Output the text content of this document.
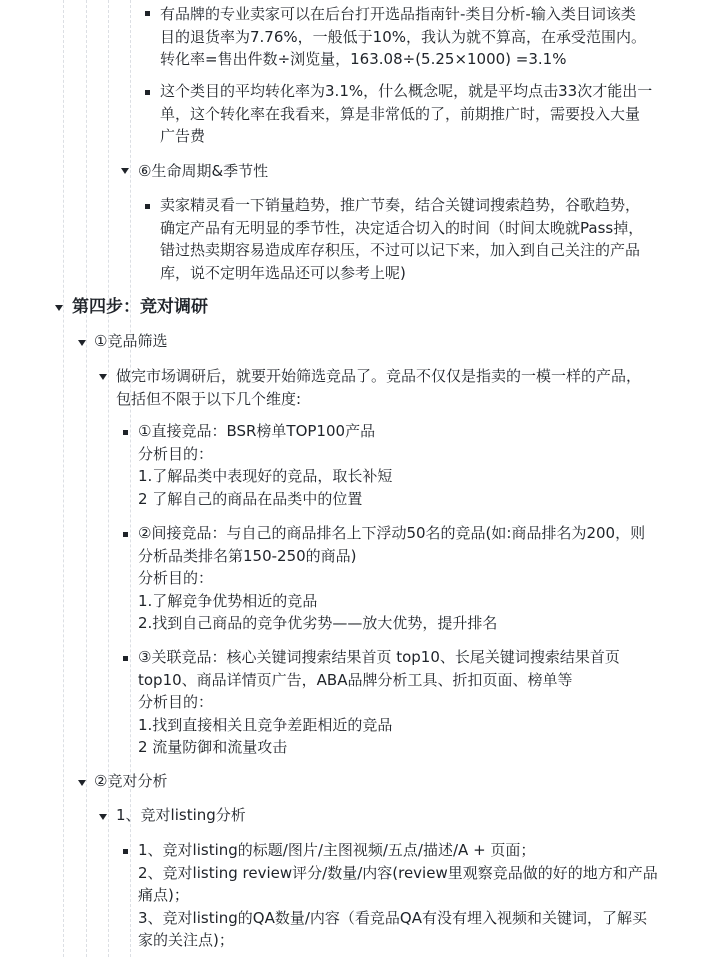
有品牌的专业卖家可以在后台打开选品指南针-类目分析-输入类目词该类
目的退货率为7.76%，一般低于10%，我认为就不算高，在承受范围内。
转化率=售出件数÷浏览量，163.08÷(5.25×1000) =3.1%
这个类目的平均转化率为3.1%，什么概念呢，就是平均点击33次才能出一
单，这个转化率在我看来，算是非常低的了，前期推广时，需要投入大量
广告费
⑥生命周期&季节性
卖家精灵看一下销量趋势，推广节奏，结合关键词搜索趋势，谷歌趋势，
确定产品有无明显的季节性，决定适合切入的时间（时间太晚就Pass掉，
错过热卖期容易造成库存积压，不过可以记下来，加入到自己关注的产品
库，说不定明年选品还可以参考上呢)
第四步：竞对调研
①竞品筛选
做完市场调研后，就要开始筛选竞品了。竞品不仅仅是指卖的一模一样的产品，
包括但不限于以下几个维度:
①直接竞品：BSR榜单TOP100产品
分析目的：
1.了解品类中表现好的竞品，取长补短
2 了解自己的商品在品类中的位置
②间接竞品：与自己的商品排名上下浮动50名的竞品(如:商品排名为200，则
分析品类排名第150-250的商品)
分析目的：
1.了解竞争优势相近的竞品
2.找到自己商品的竞争优劣势——放大优势，提升排名
③关联竞品：核心关键词搜索结果首页 top10、长尾关键词搜索结果首页
top10、商品详情页广告，ABA品牌分析工具、折扣页面、榜单等
分析目的：
1.找到直接相关且竞争差距相近的竞品
2 流量防御和流量攻击
②竞对分析
1、竞对listing分析
1、竞对listing的标题/图片/主图视频/五点/描述/A + 页面；
2、竞对listing review评分/数量/内容(review里观察竞品做的好的地方和产品
痛点)；
3、竞对listing的QA数量/内容（看竞品QA有没有埋入视频和关键词，了解买
家的关注点)；
